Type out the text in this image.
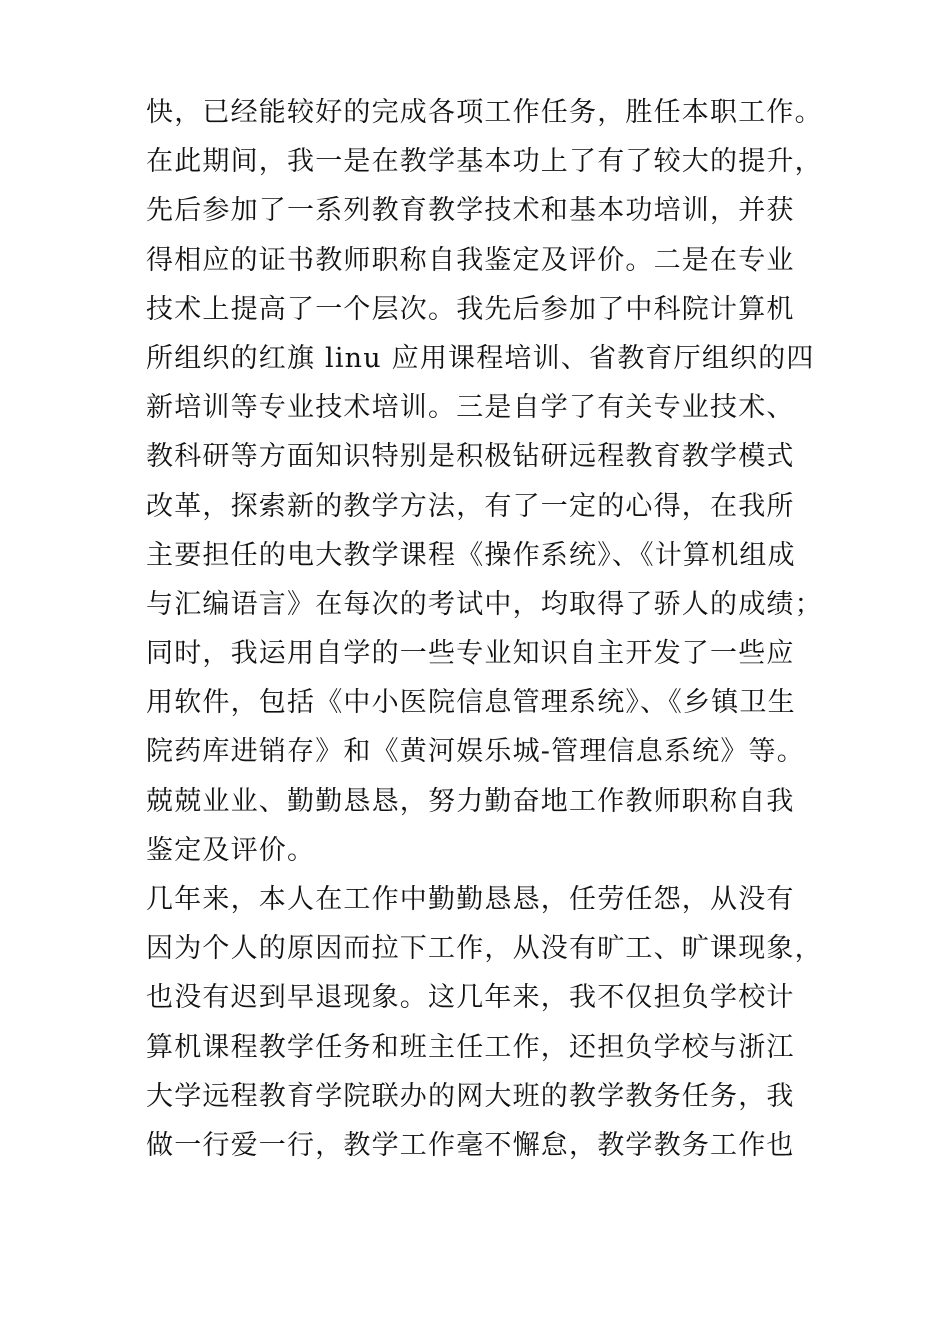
快，已经能较好的完成各项工作任务，胜任本职工作。
在此期间，我一是在教学基本功上了有了较大的提升，
先后参加了一系列教育教学技术和基本功培训，并获
得相应的证书教师职称自我鉴定及评价。二是在专业
技术上提高了一个层次。我先后参加了中科院计算机
所组织的红旗 linu 应用课程培训、省教育厅组织的四
新培训等专业技术培训。三是自学了有关专业技术、
教科研等方面知识特别是积极钻研远程教育教学模式
改革，探索新的教学方法，有了一定的心得，在我所
主要担任的电大教学课程《操作系统》、《计算机组成
与汇编语言》在每次的考试中，均取得了骄人的成绩；
同时，我运用自学的一些专业知识自主开发了一些应
用软件，包括《中小医院信息管理系统》、《乡镇卫生
院药库进销存》和《黄河娱乐城-管理信息系统》等。
兢兢业业、勤勤恳恳，努力勤奋地工作教师职称自我
鉴定及评价。
几年来，本人在工作中勤勤恳恳，任劳任怨，从没有
因为个人的原因而拉下工作，从没有旷工、旷课现象，
也没有迟到早退现象。这几年来，我不仅担负学校计
算机课程教学任务和班主任工作，还担负学校与浙江
大学远程教育学院联办的网大班的教学教务任务，我
做一行爱一行，教学工作毫不懈怠，教学教务工作也
